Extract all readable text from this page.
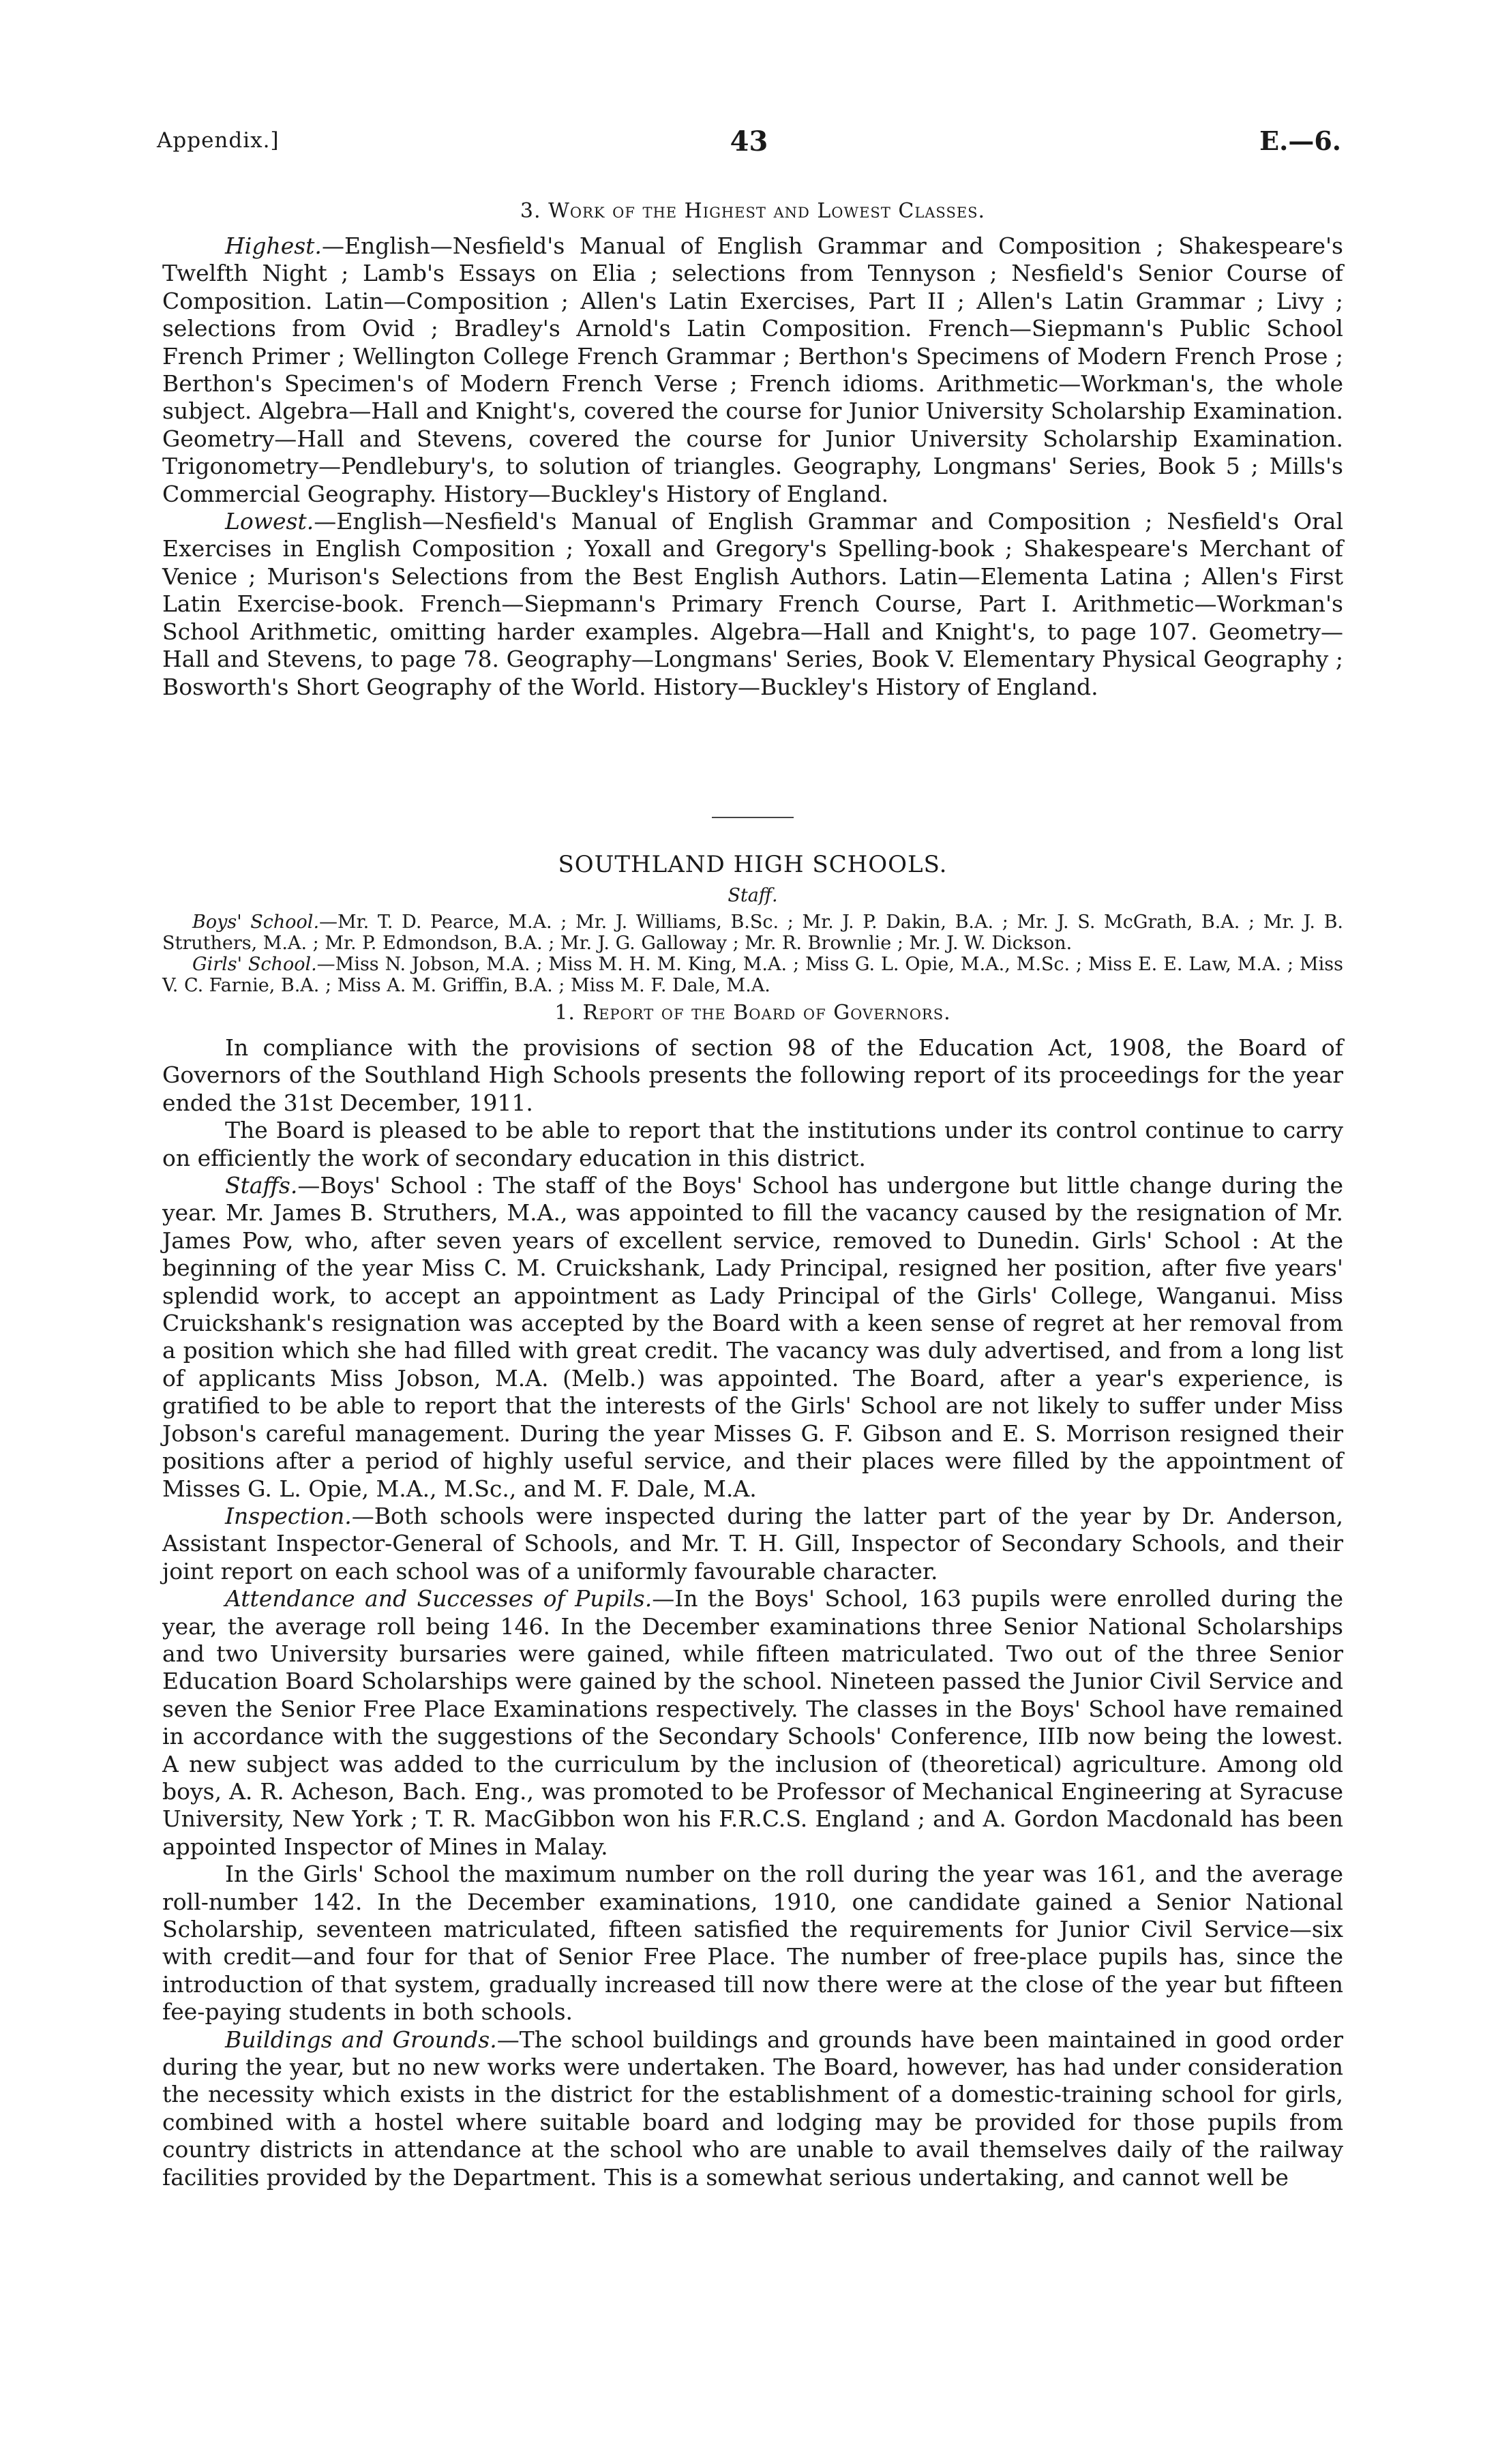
Appendix.]	43	E.—6.

3. Work of the Highest and Lowest Classes.

Highest.—English—Nesfield's Manual of English Grammar and Composition ; Shakespeare's Twelfth Night ; Lamb's Essays on Elia ; selections from Tennyson ; Nesfield's Senior Course of Composition. Latin—Composition ; Allen's Latin Exercises, Part II ; Allen's Latin Grammar ; Livy ; selections from Ovid ; Bradley's Arnold's Latin Composition. French—Siepmann's Public School French Primer ; Wellington College French Grammar ; Berthon's Specimens of Modern French Prose ; Berthon's Specimen's of Modern French Verse ; French idioms. Arithmetic—Workman's, the whole subject. Algebra—Hall and Knight's, covered the course for Junior University Scholarship Examination. Geometry—Hall and Stevens, covered the course for Junior University Scholarship Examination. Trigonometry—Pendlebury's, to solution of triangles. Geography, Longmans' Series, Book 5 ; Mills's Commercial Geography. History—Buckley's History of England.

Lowest.—English—Nesfield's Manual of English Grammar and Composition ; Nesfield's Oral Exercises in English Composition ; Yoxall and Gregory's Spelling-book ; Shakespeare's Merchant of Venice ; Murison's Selections from the Best English Authors. Latin—Elementa Latina ; Allen's First Latin Exercise-book. French—Siepmann's Primary French Course, Part I. Arithmetic—Workman's School Arithmetic, omitting harder examples. Algebra—Hall and Knight's, to page 107. Geometry—Hall and Stevens, to page 78. Geography—Longmans' Series, Book V. Elementary Physical Geography ; Bosworth's Short Geography of the World. History—Buckley's History of England.

SOUTHLAND HIGH SCHOOLS.

Staff.

Boys' School.—Mr. T. D. Pearce, M.A. ; Mr. J. Williams, B.Sc. ; Mr. J. P. Dakin, B.A. ; Mr. J. S. McGrath, B.A. ; Mr. J. B. Struthers, M.A. ; Mr. P. Edmondson, B.A. ; Mr. J. G. Galloway ; Mr. R. Brownlie ; Mr. J. W. Dickson.

Girls' School.—Miss N. Jobson, M.A. ; Miss M. H. M. King, M.A. ; Miss G. L. Opie, M.A., M.Sc. ; Miss E. E. Law, M.A. ; Miss V. C. Farnie, B.A. ; Miss A. M. Griffin, B.A. ; Miss M. F. Dale, M.A.

1. Report of the Board of Governors.

In compliance with the provisions of section 98 of the Education Act, 1908, the Board of Governors of the Southland High Schools presents the following report of its proceedings for the year ended the 31st December, 1911.

The Board is pleased to be able to report that the institutions under its control continue to carry on efficiently the work of secondary education in this district.

Staffs.—Boys' School : The staff of the Boys' School has undergone but little change during the year. Mr. James B. Struthers, M.A., was appointed to fill the vacancy caused by the resignation of Mr. James Pow, who, after seven years of excellent service, removed to Dunedin. Girls' School : At the beginning of the year Miss C. M. Cruickshank, Lady Principal, resigned her position, after five years' splendid work, to accept an appointment as Lady Principal of the Girls' College, Wanganui. Miss Cruickshank's resignation was accepted by the Board with a keen sense of regret at her removal from a position which she had filled with great credit. The vacancy was duly advertised, and from a long list of applicants Miss Jobson, M.A. (Melb.) was appointed. The Board, after a year's experience, is gratified to be able to report that the interests of the Girls' School are not likely to suffer under Miss Jobson's careful management. During the year Misses G. F. Gibson and E. S. Morrison resigned their positions after a period of highly useful service, and their places were filled by the appointment of Misses G. L. Opie, M.A., M.Sc., and M. F. Dale, M.A.

Inspection.—Both schools were inspected during the latter part of the year by Dr. Anderson, Assistant Inspector-General of Schools, and Mr. T. H. Gill, Inspector of Secondary Schools, and their joint report on each school was of a uniformly favourable character.

Attendance and Successes of Pupils.—In the Boys' School, 163 pupils were enrolled during the year, the average roll being 146. In the December examinations three Senior National Scholarships and two University bursaries were gained, while fifteen matriculated. Two out of the three Senior Education Board Scholarships were gained by the school. Nineteen passed the Junior Civil Service and seven the Senior Free Place Examinations respectively. The classes in the Boys' School have remained in accordance with the suggestions of the Secondary Schools' Conference, IIIb now being the lowest. A new subject was added to the curriculum by the inclusion of (theoretical) agriculture. Among old boys, A. R. Acheson, Bach. Eng., was promoted to be Professor of Mechanical Engineering at Syracuse University, New York ; T. R. MacGibbon won his F.R.C.S. England ; and A. Gordon Macdonald has been appointed Inspector of Mines in Malay.

In the Girls' School the maximum number on the roll during the year was 161, and the average roll-number 142. In the December examinations, 1910, one candidate gained a Senior National Scholarship, seventeen matriculated, fifteen satisfied the requirements for Junior Civil Service—six with credit—and four for that of Senior Free Place. The number of free-place pupils has, since the introduction of that system, gradually increased till now there were at the close of the year but fifteen fee-paying students in both schools.

Buildings and Grounds.—The school buildings and grounds have been maintained in good order during the year, but no new works were undertaken. The Board, however, has had under consideration the necessity which exists in the district for the establishment of a domestic-training school for girls, combined with a hostel where suitable board and lodging may be provided for those pupils from country districts in attendance at the school who are unable to avail themselves daily of the railway facilities provided by the Department. This is a somewhat serious undertaking, and cannot well be
